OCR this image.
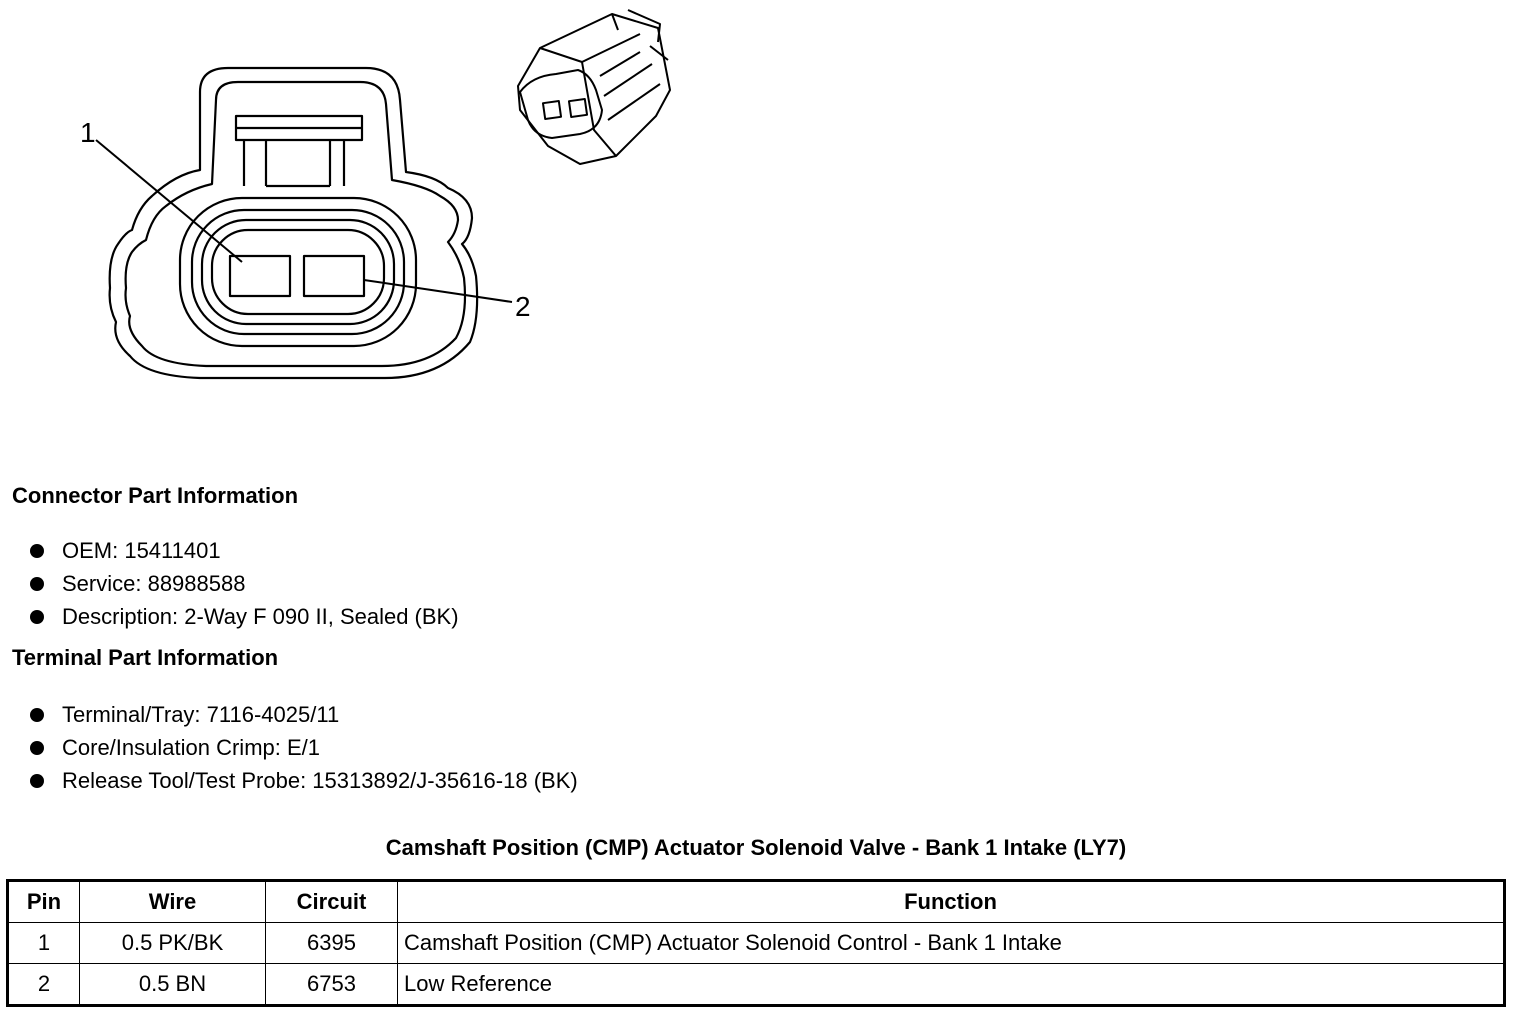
1
2
Connector Part Information
OEM: 15411401
Service: 88988588
Description: 2-Way F 090 II, Sealed (BK)
Terminal Part Information
Terminal/Tray: 7116-4025/11
Core/Insulation Crimp: E/1
Release Tool/Test Probe: 15313892/J-35616-18 (BK)
Camshaft Position (CMP) Actuator Solenoid Valve - Bank 1 Intake (LY7)
Pin	Wire	Circuit	Function
1	0.5 PK/BK	6395	Camshaft Position (CMP) Actuator Solenoid Control - Bank 1 Intake
2	0.5 BN	6753	Low Reference
